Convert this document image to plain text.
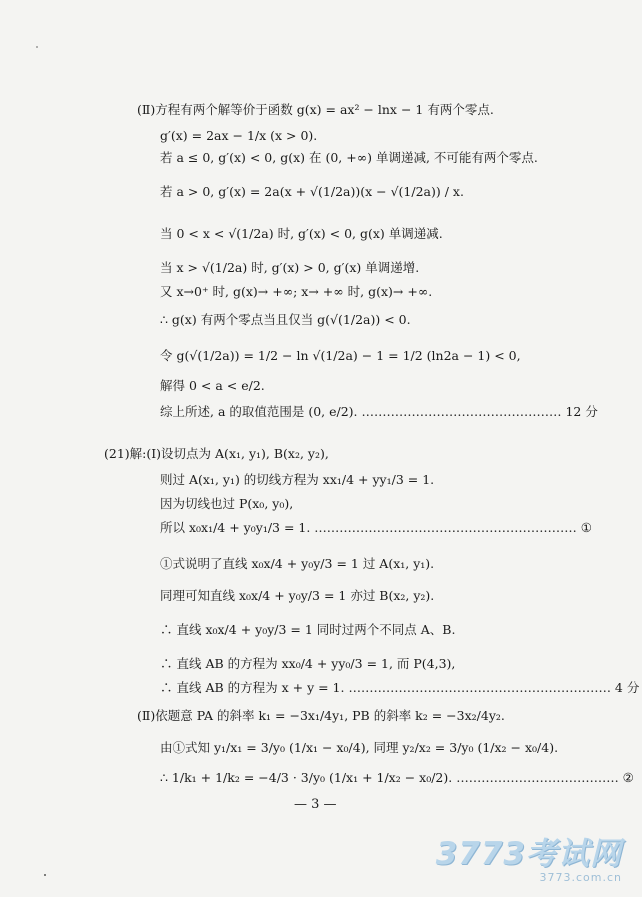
(Ⅱ)方程有两个解等价于函数 g(x) = ax² − lnx − 1 有两个零点.
g′(x) = 2ax − 1/x (x > 0).
若 a ≤ 0, g′(x) < 0, g(x) 在 (0, +∞) 单调递减, 不可能有两个零点.
若 a > 0, g′(x) = 2a(x + √(1/2a))(x − √(1/2a)) / x.
当 0 < x < √(1/2a) 时, g′(x) < 0, g(x) 单调递减.
当 x > √(1/2a) 时, g′(x) > 0, g′(x) 单调递增.
又 x→0⁺ 时, g(x)→ +∞; x→ +∞ 时, g(x)→ +∞.
∴ g(x) 有两个零点当且仅当 g(√(1/2a)) < 0.
令 g(√(1/2a)) = 1/2 − ln √(1/2a) − 1 = 1/2 (ln2a − 1) < 0,
解得 0 < a < e/2.
综上所述, a 的取值范围是 (0, e/2). ………………………………………… 12 分
(21)解:(Ⅰ)设切点为 A(x₁, y₁), B(x₂, y₂),
则过 A(x₁, y₁) 的切线方程为 xx₁/4 + yy₁/3 = 1.
因为切线也过 P(x₀, y₀),
所以 x₀x₁/4 + y₀y₁/3 = 1. ……………………………………………………… ①
①式说明了直线 x₀x/4 + y₀y/3 = 1 过 A(x₁, y₁).
同理可知直线 x₀x/4 + y₀y/3 = 1 亦过 B(x₂, y₂).
∴ 直线 x₀x/4 + y₀y/3 = 1 同时过两个不同点 A、B.
∴ 直线 AB 的方程为 xx₀/4 + yy₀/3 = 1, 而 P(4,3),
∴ 直线 AB 的方程为 x + y = 1. ……………………………………………………… 4 分
(Ⅱ)依题意 PA 的斜率 k₁ = −3x₁/4y₁, PB 的斜率 k₂ = −3x₂/4y₂.
由①式知 y₁/x₁ = 3/y₀ (1/x₁ − x₀/4), 同理 y₂/x₂ = 3/y₀ (1/x₂ − x₀/4).
∴ 1/k₁ + 1/k₂ = −4/3 · 3/y₀ (1/x₁ + 1/x₂ − x₀/2). ………………………………… ②
— 3 —
3773考试网
3773.com.cn
